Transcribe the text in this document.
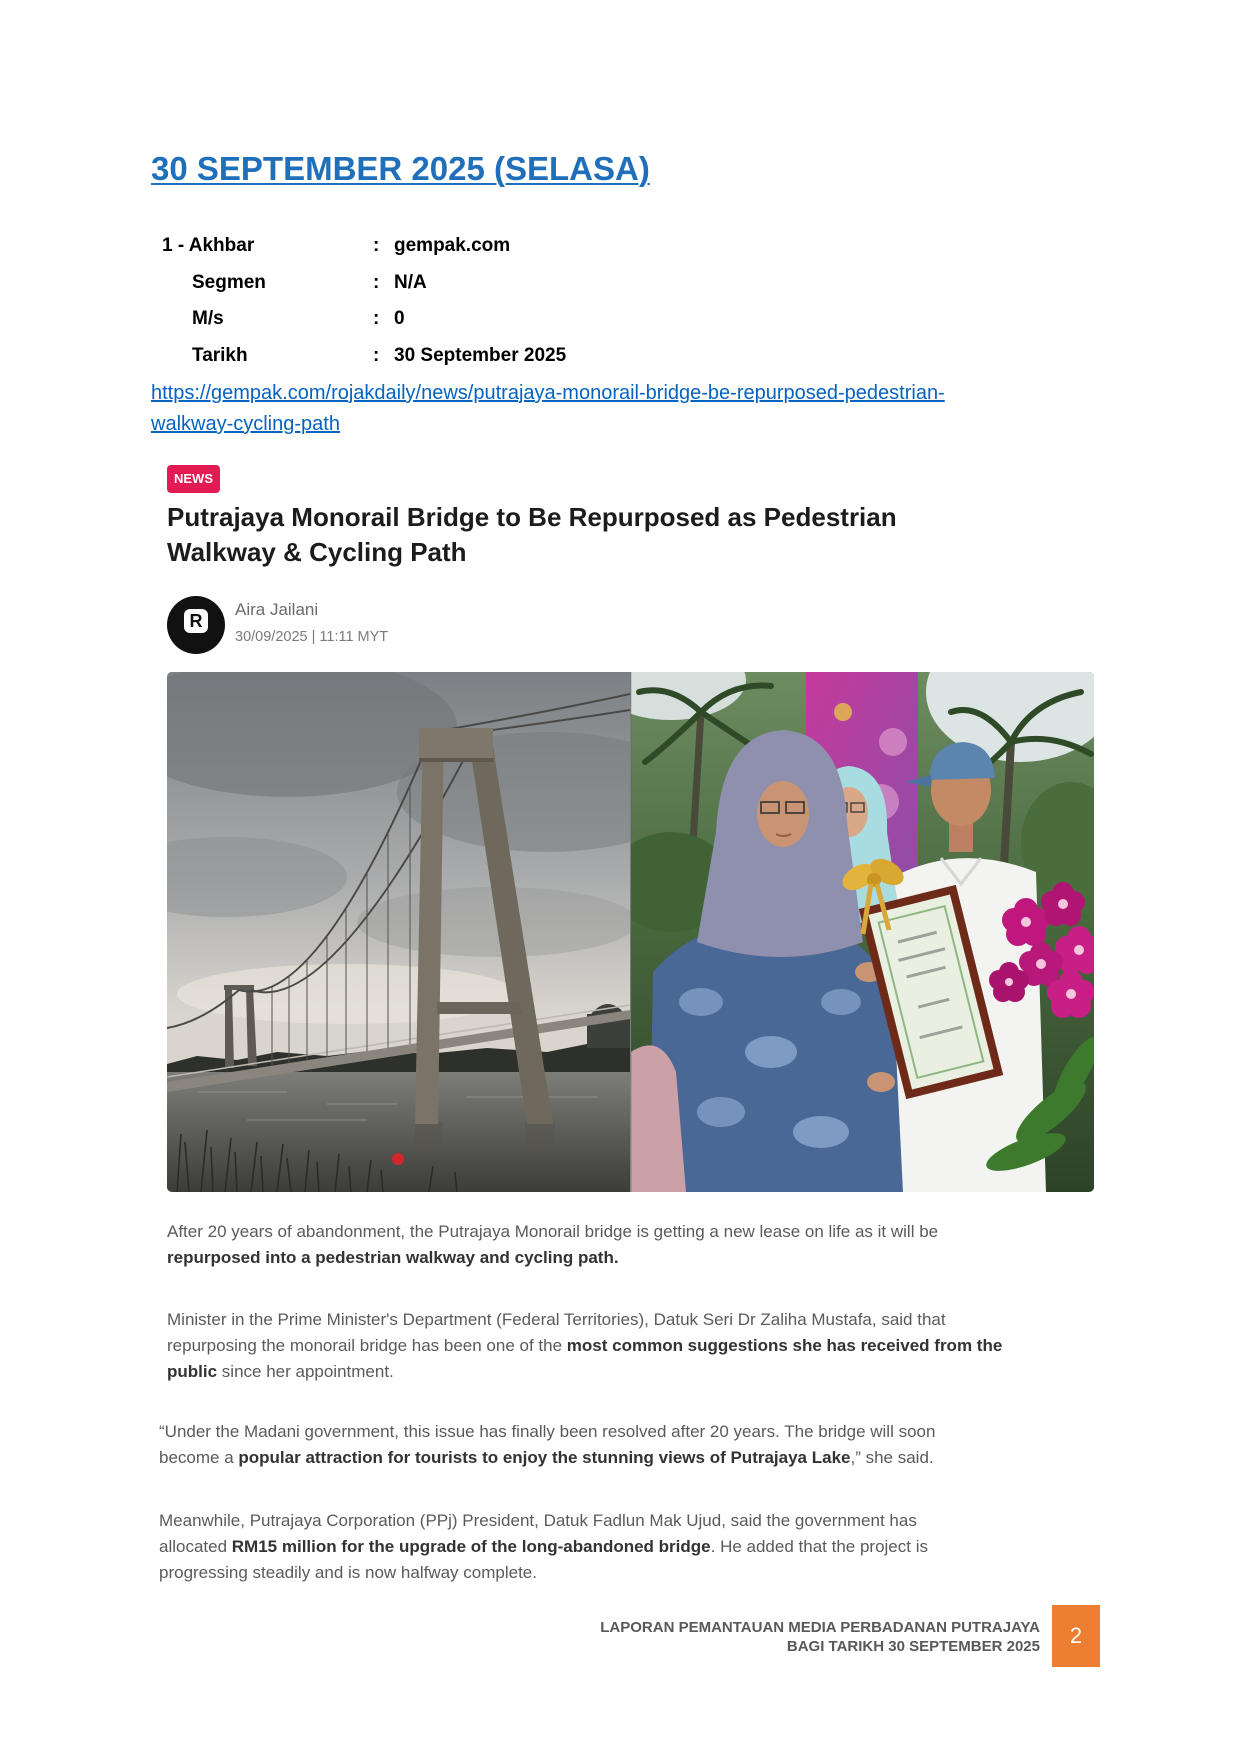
30 SEPTEMBER 2025 (SELASA)
1 - Akhbar	: gempak.com
Segmen	: N/A
M/s	: 0
Tarikh	: 30 September 2025
https://gempak.com/rojakdaily/news/putrajaya-monorail-bridge-be-repurposed-pedestrian-
walkway-cycling-path
NEWS
Putrajaya Monorail Bridge to Be Repurposed as Pedestrian
Walkway & Cycling Path
R
Aira Jailani
30/09/2025 | 11:11 MYT
After 20 years of abandonment, the Putrajaya Monorail bridge is getting a new lease on life as it will be
repurposed into a pedestrian walkway and cycling path.
Minister in the Prime Minister's Department (Federal Territories), Datuk Seri Dr Zaliha Mustafa, said that
repurposing the monorail bridge has been one of the most common suggestions she has received from the
public since her appointment.
“Under the Madani government, this issue has finally been resolved after 20 years. The bridge will soon
become a popular attraction for tourists to enjoy the stunning views of Putrajaya Lake,” she said.
Meanwhile, Putrajaya Corporation (PPj) President, Datuk Fadlun Mak Ujud, said the government has
allocated RM15 million for the upgrade of the long-abandoned bridge. He added that the project is
progressing steadily and is now halfway complete.
LAPORAN PEMANTAUAN MEDIA PERBADANAN PUTRAJAYA
BAGI TARIKH 30 SEPTEMBER 2025	2
